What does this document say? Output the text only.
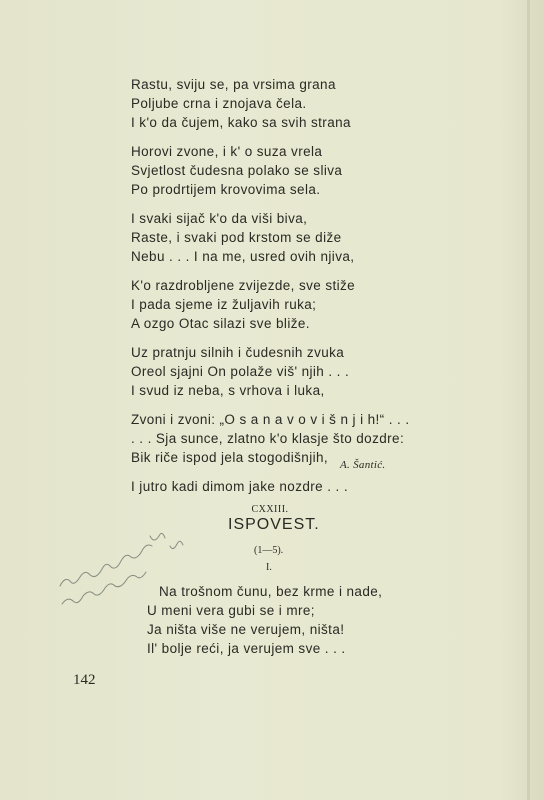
Rastu, sviju se, pa vrsima grana
Poljube crna i znojava čela.
I k'o da čujem, kako sa svih strana
Horovi zvone, i k' o suza vrela
Svjetlost čudesna polako se sliva
Po prodrtijem krovovima sela.
I svaki sijač k'o da viši biva,
Raste, i svaki pod krstom se diže
Nebu . . . I na me, usred ovih njiva,
K'o razdrobljene zvijezde, sve stiže
I pada sjeme iz žuljavih ruka;
A ozgo Otac silazi sve bliže.
Uz pratnju silnih i čudesnih zvuka
Oreol sjajni On polaže viš' njih . . .
I svud iz neba, s vrhova i luka,
Zvoni i zvoni: „O s a n a v o v i š n j i h!“ . . .
. . . Sja sunce, zlatno k'o klasje što dozdre:
Bik riče ispod jela stogodišnjih,
I jutro kadi dimom jake nozdre . . .
A. Šantić.
CXXIII.
ISPOVEST.
(1—5).
I.
Na trošnom čunu, bez krme i nade,
U meni vera gubi se i mre;
Ja ništa više ne verujem, ništa!
Il' bolje reći, ja verujem sve . . .
142
